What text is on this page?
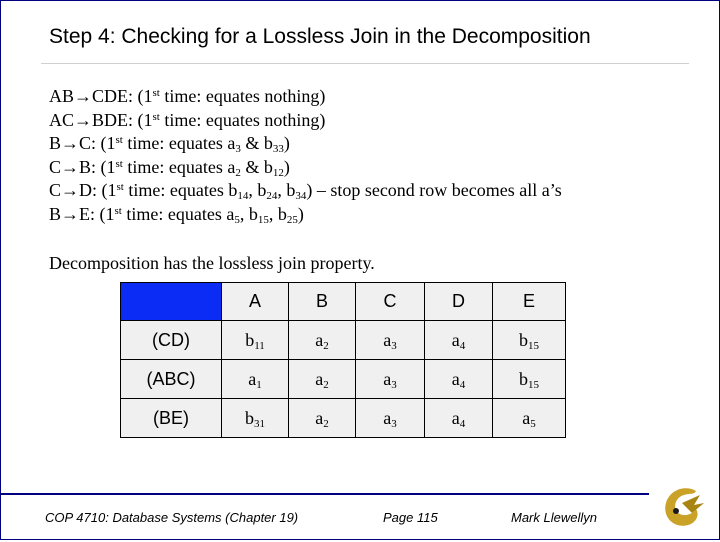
Step 4: Checking for a Lossless Join in the Decomposition
AB→CDE: (1st time: equates nothing)
AC→BDE: (1st time: equates nothing)
B→C: (1st time: equates $a_3$ & $b_{33}$)
C→B: (1st time: equates $a_2$ & $b_{12}$)
C→D: (1st time: equates $b_{14}$, $b_{24}$, $b_{34}$) – stop second row becomes all a’s
B→E: (1st time: equates $a_5$, $b_{15}$, $b_{25}$)
Decomposition has the lossless join property.
	A	B	C	D	E
(CD)	$b_{11}$	$a_2$	$a_3$	$a_4$	$b_{15}$
(ABC)	$a_1$	$a_2$	$a_3$	$a_4$	$b_{15}$
(BE)	$b_{31}$	$a_2$	$a_3$	$a_4$	$a_5$
COP 4710: Database Systems (Chapter 19)	Page 115	Mark Llewellyn
